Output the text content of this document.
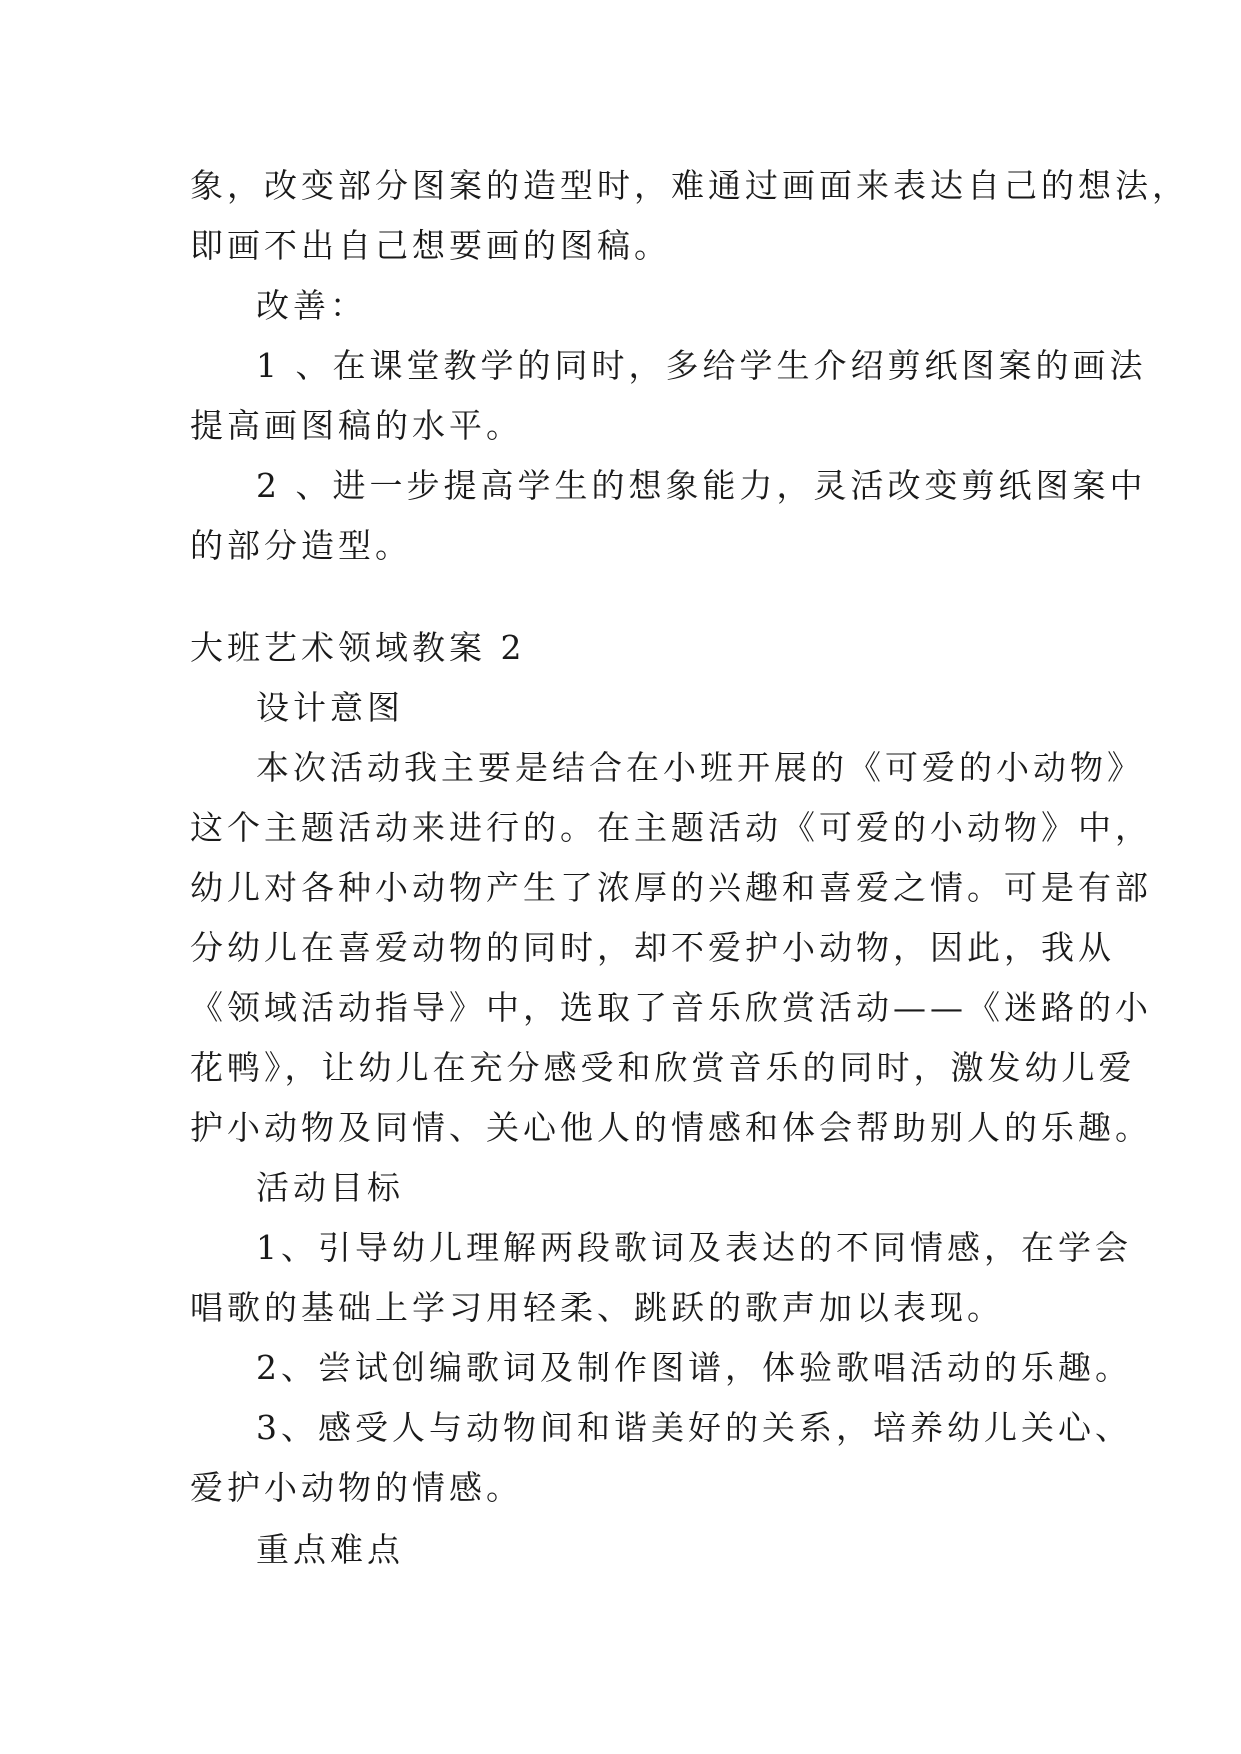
象，改变部分图案的造型时，难通过画面来表达自己的想法，

即画不出自己想要画的图稿。

改善：

1 、在课堂教学的同时，多给学生介绍剪纸图案的画法

提高画图稿的水平。

2 、进一步提高学生的想象能力，灵活改变剪纸图案中

的部分造型。

大班艺术领域教案 2

设计意图

本次活动我主要是结合在小班开展的《可爱的小动物》

这个主题活动来进行的。在主题活动《可爱的小动物》中，

幼儿对各种小动物产生了浓厚的兴趣和喜爱之情。可是有部

分幼儿在喜爱动物的同时，却不爱护小动物，因此，我从

《领域活动指导》中，选取了音乐欣赏活动——《迷路的小

花鸭》，让幼儿在充分感受和欣赏音乐的同时，激发幼儿爱

护小动物及同情、关心他人的情感和体会帮助别人的乐趣。

活动目标

1、引导幼儿理解两段歌词及表达的不同情感，在学会

唱歌的基础上学习用轻柔、跳跃的歌声加以表现。

2、尝试创编歌词及制作图谱，体验歌唱活动的乐趣。

3、感受人与动物间和谐美好的关系，培养幼儿关心、

爱护小动物的情感。

重点难点
